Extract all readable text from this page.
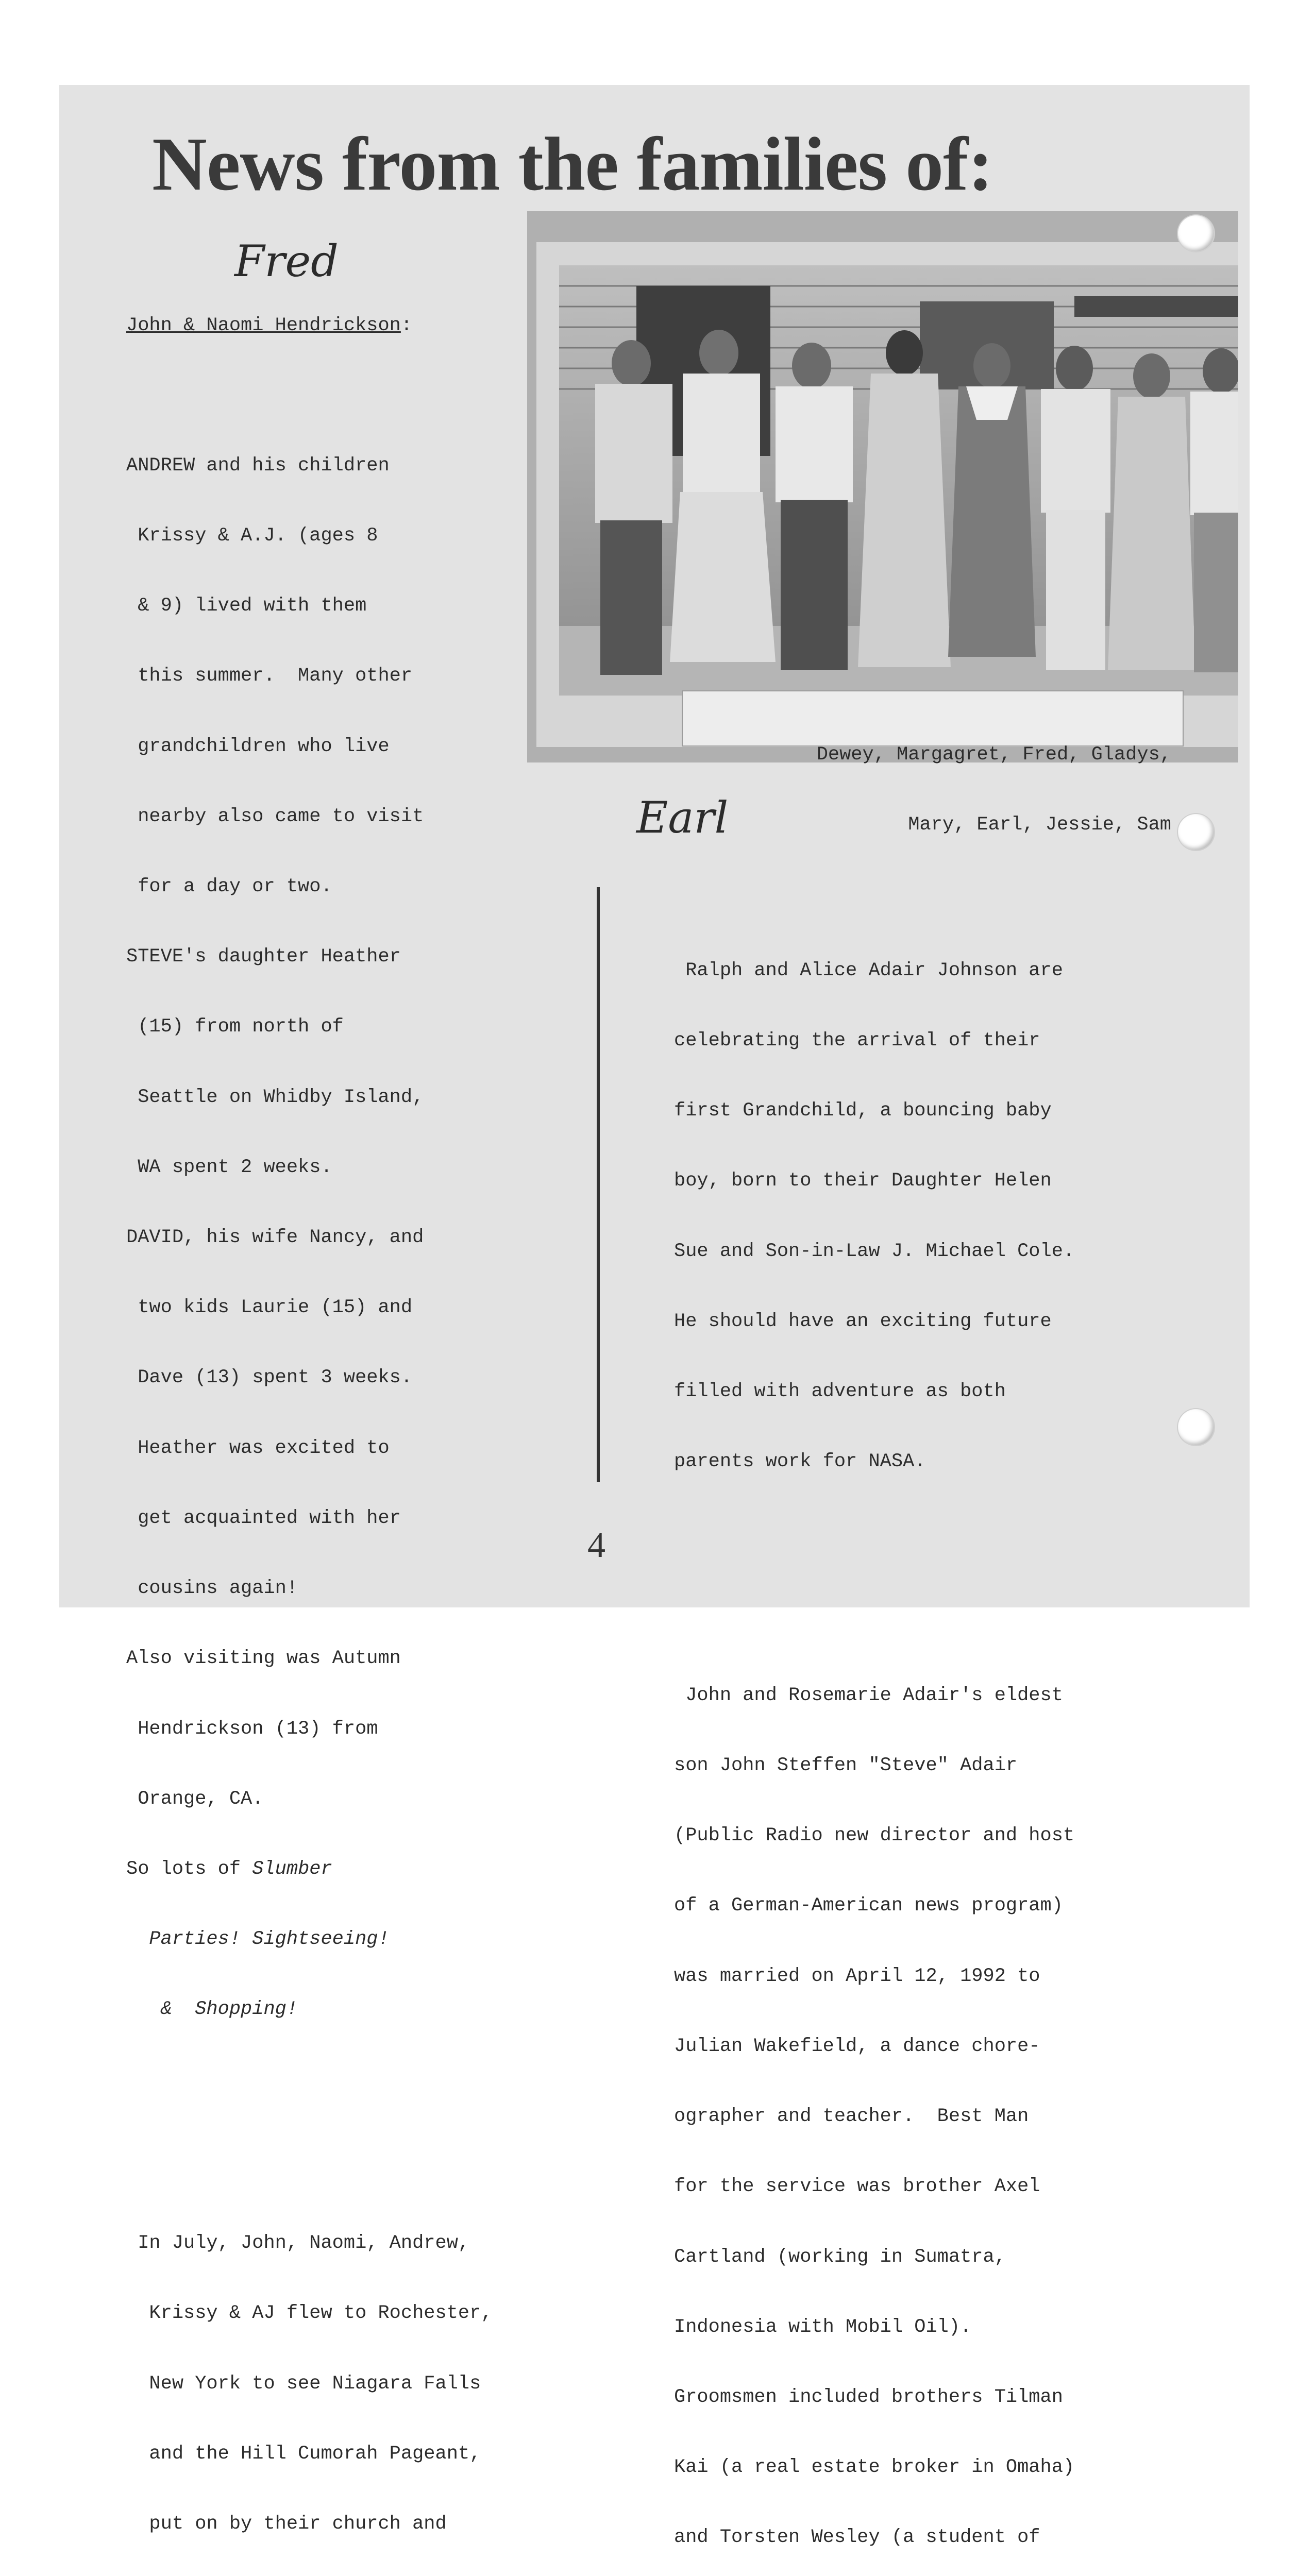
News from the families of:
Fred

John & Naomi Hendrickson:

ANDREW and his children

Krissy & A.J. (ages 8

& 9) lived with them

this summer.  Many other

grandchildren who live

nearby also came to visit

for a day or two.

STEVE's daughter Heather

(15) from north of

Seattle on Whidby Island,

WA spent 2 weeks.

DAVID, his wife Nancy, and

two kids Laurie (15) and

Dave (13) spent 3 weeks.

Heather was excited to

get acquainted with her

cousins again!

Also visiting was Autumn

Hendrickson (13) from

Orange, CA.

So lots of Slumber

Parties! Sightseeing!

&  Shopping!

In July, John, Naomi, Andrew,

Krissy & AJ flew to Rochester,

New York to see Niagara Falls

and the Hill Cumorah Pageant,

put on by their church and

Dewey, Margagret, Fred, Gladys,

Mary, Earl, Jessie, Sam

Earl

Ralph and Alice Adair Johnson are

celebrating the arrival of their

first Grandchild, a bouncing baby

boy, born to their Daughter Helen

Sue and Son-in-Law J. Michael Cole.

He should have an exciting future

filled with adventure as both

parents work for NASA.

John and Rosemarie Adair's eldest

son John Steffen "Steve" Adair

(Public Radio new director and host

of a German-American news program)

was married on April 12, 1992 to

Julian Wakefield, a dance chore-

ographer and teacher.  Best Man

for the service was brother Axel

Cartland (working in Sumatra,

Indonesia with Mobil Oil).

Groomsmen included brothers Tilman

Kai (a real estate broker in Omaha)

and Torsten Wesley (a student of

4
